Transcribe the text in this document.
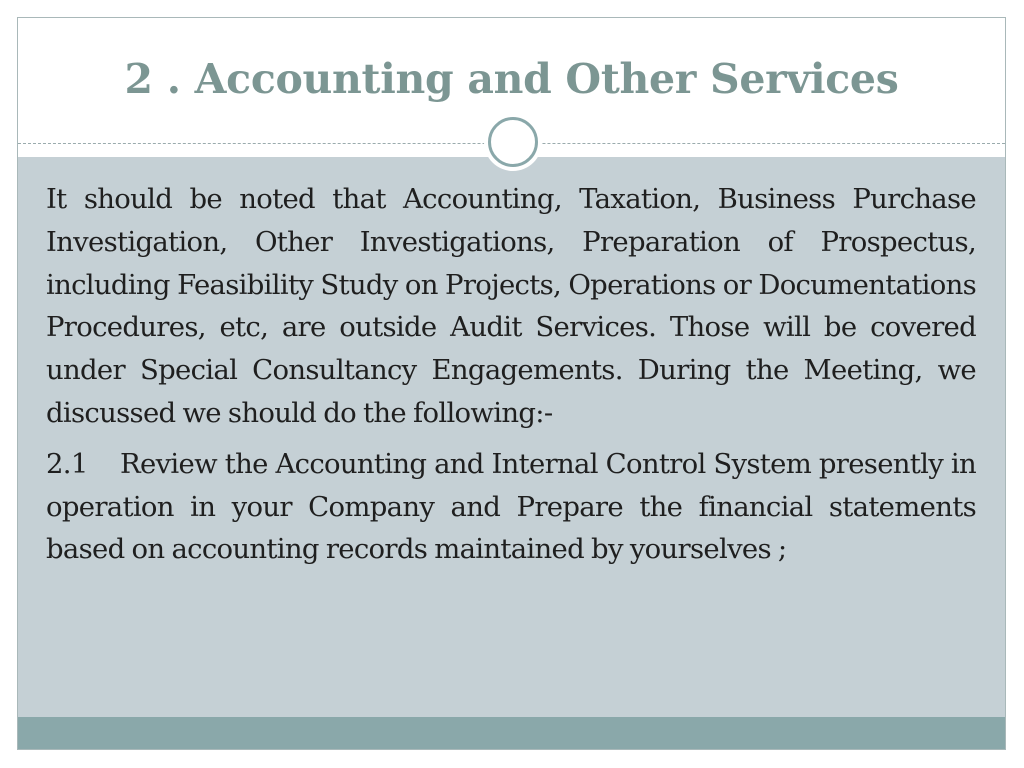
2 . Accounting and Other Services

It should be noted that Accounting, Taxation, Business Purchase Investigation, Other Investigations, Preparation of Prospectus, including Feasibility Study on Projects, Operations or Documentations Procedures, etc, are outside Audit Services. Those will be covered under Special Consultancy Engagements. During the Meeting, we discussed we should do the following:-

2.1 Review the Accounting and Internal Control System presently in operation in your Company and Prepare the financial statements based on accounting records maintained by yourselves ;
